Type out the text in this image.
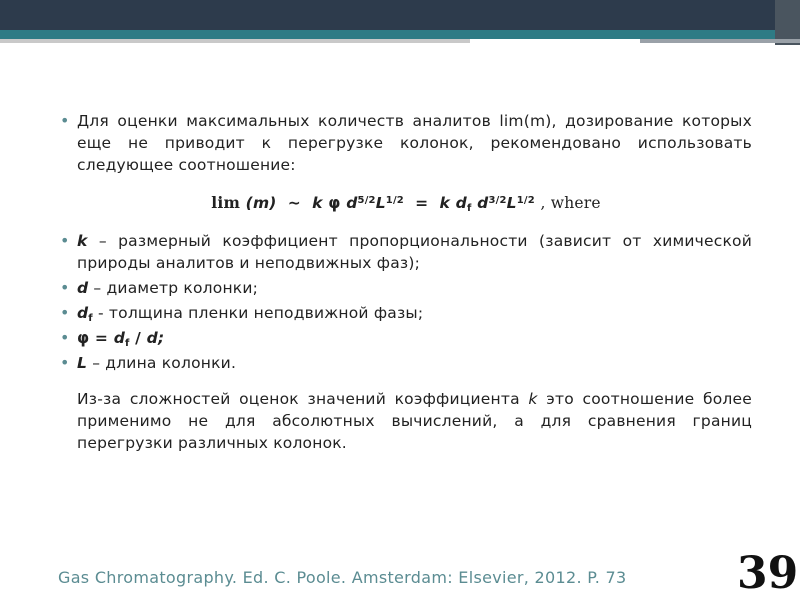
• Для оценки максимальных количеств аналитов lim(m), дозирование которых еще не приводит к перегрузке колонок, рекомендовано использовать следующее соотношение:
lim (m) ~ k φ $d^{5/2}L^{1/2} = k$ $d_f$ $d^{3/2}L^{1/2}$ , where
• k – размерный коэффициент пропорциональности (зависит от химической природы аналитов и неподвижных фаз);
• d – диаметр колонки;
• $d_f$ - толщина пленки неподвижной фазы;
• $\varphi = d_f / d$;
• L – длина колонки.
Из-за сложностей оценок значений коэффициента k это соотношение более применимо не для абсолютных вычислений, а для сравнения границ перегрузки различных колонок.
Gas Chromatography. Ed. C. Poole. Amsterdam: Elsevier, 2012. P. 73	39
